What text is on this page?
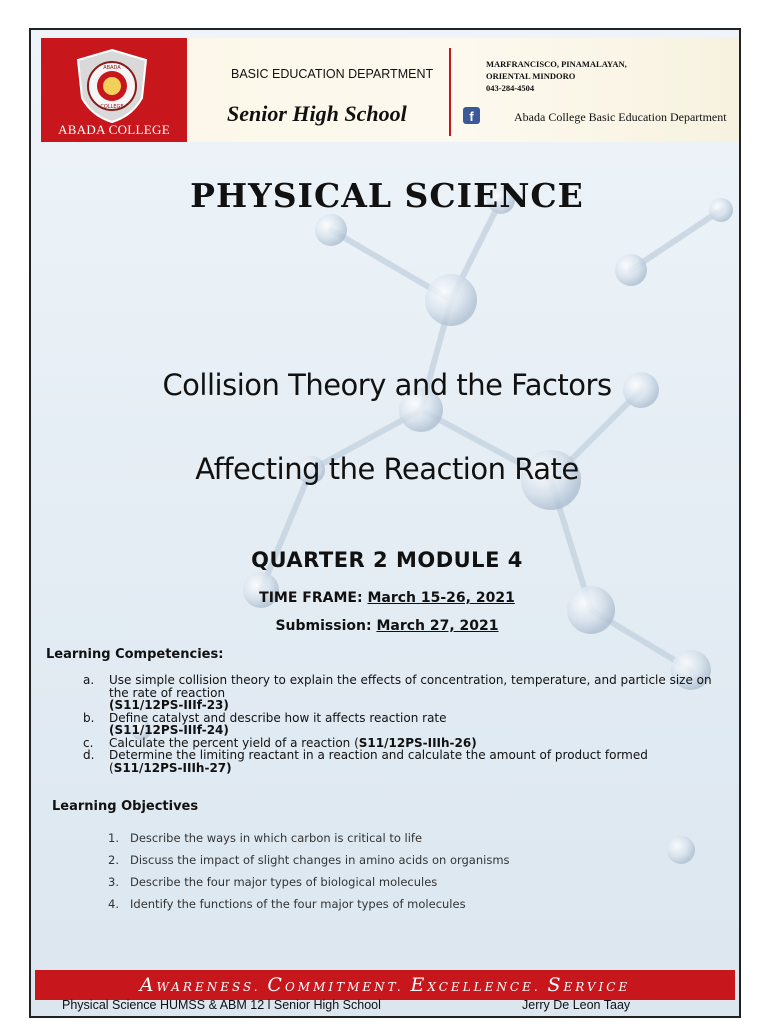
ABADA
COLLEGE
ABADA COLLEGE
BASIC EDUCATION DEPARTMENT
Senior High School
MARFRANCISCO, PINAMALAYAN,
ORIENTAL MINDORO
043-284-4504
f	Abada College Basic Education Department
PHYSICAL SCIENCE
Collision Theory and the Factors
Affecting the Reaction Rate
QUARTER 2 MODULE 4
TIME FRAME: March 15-26, 2021
Submission: March 27, 2021
Learning Competencies:
a. Use simple collision theory to explain the effects of concentration, temperature, and particle size on the rate of reaction
(S11/12PS-IIIf-23)
b. Define catalyst and describe how it affects reaction rate
(S11/12PS-IIIf-24)
c. Calculate the percent yield of a reaction (S11/12PS-IIIh-26)
d. Determine the limiting reactant in a reaction and calculate the amount of product formed (S11/12PS-IIIh-27)
Learning Objectives
1. Describe the ways in which carbon is critical to life
2. Discuss the impact of slight changes in amino acids on organisms
3. Describe the four major types of biological molecules
4. Identify the functions of the four major types of molecules
AWARENESS. COMMITMENT. EXCELLENCE. SERVICE
Physical Science HUMSS & ABM 12 l Senior High School	Jerry De Leon Taay
